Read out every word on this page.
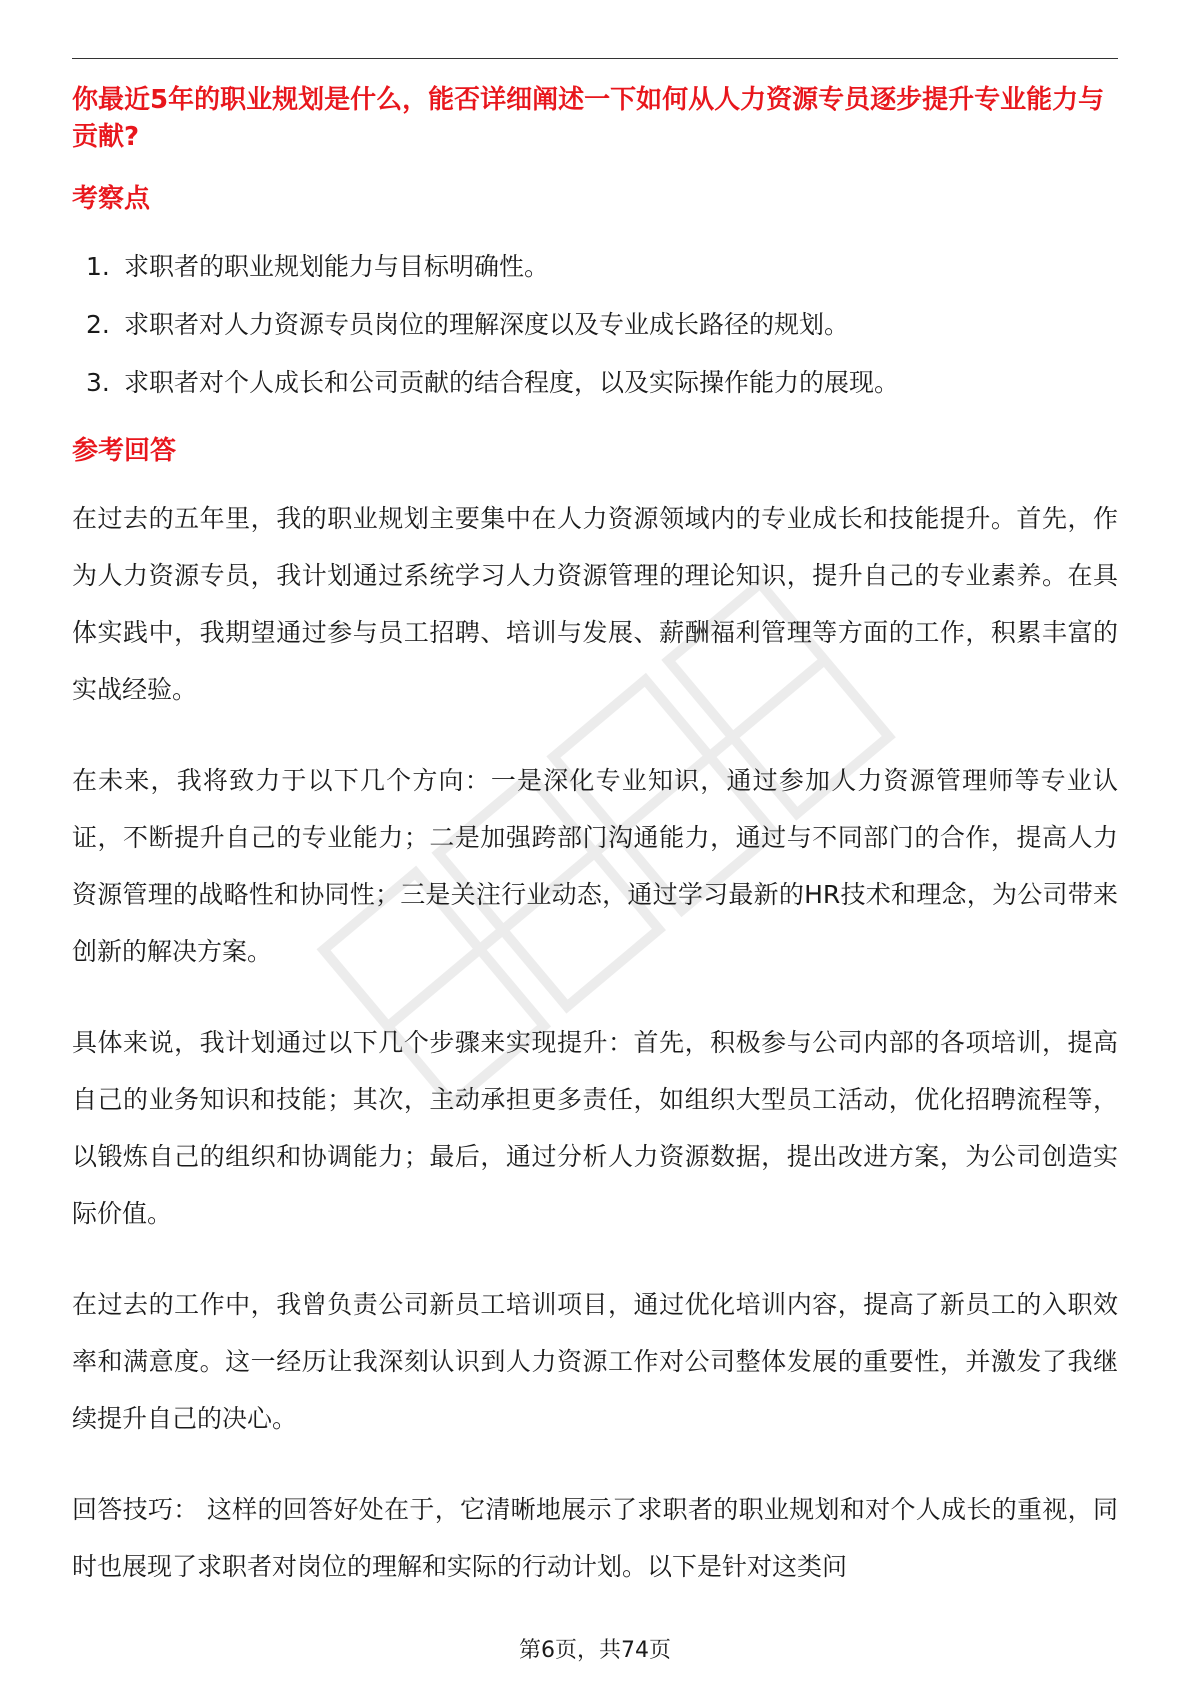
你最近5年的职业规划是什么，能否详细阐述一下如何从人力资源专员逐步提升专业能力与贡献?

考察点
1. 求职者的职业规划能力与目标明确性。
2. 求职者对人力资源专员岗位的理解深度以及专业成长路径的规划。
3. 求职者对个人成长和公司贡献的结合程度，以及实际操作能力的展现。
参考回答

在过去的五年里，我的职业规划主要集中在人力资源领域内的专业成长和技能提升。首先，作为人力资源专员，我计划通过系统学习人力资源管理的理论知识，提升自己的专业素养。在具体实践中，我期望通过参与员工招聘、培训与发展、薪酬福利管理等方面的工作，积累丰富的实战经验。

在未来，我将致力于以下几个方向：一是深化专业知识，通过参加人力资源管理师等专业认证，不断提升自己的专业能力；二是加强跨部门沟通能力，通过与不同部门的合作，提高人力资源管理的战略性和协同性；三是关注行业动态，通过学习最新的HR技术和理念，为公司带来创新的解决方案。

具体来说，我计划通过以下几个步骤来实现提升：首先，积极参与公司内部的各项培训，提高自己的业务知识和技能；其次，主动承担更多责任，如组织大型员工活动，优化招聘流程等，以锻炼自己的组织和协调能力；最后，通过分析人力资源数据，提出改进方案，为公司创造实际价值。

在过去的工作中，我曾负责公司新员工培训项目，通过优化培训内容，提高了新员工的入职效率和满意度。这一经历让我深刻认识到人力资源工作对公司整体发展的重要性，并激发了我继续提升自己的决心。

回答技巧： 这样的回答好处在于，它清晰地展示了求职者的职业规划和对个人成长的重视，同时也展现了求职者对岗位的理解和实际的行动计划。以下是针对这类问

第6页，共74页
